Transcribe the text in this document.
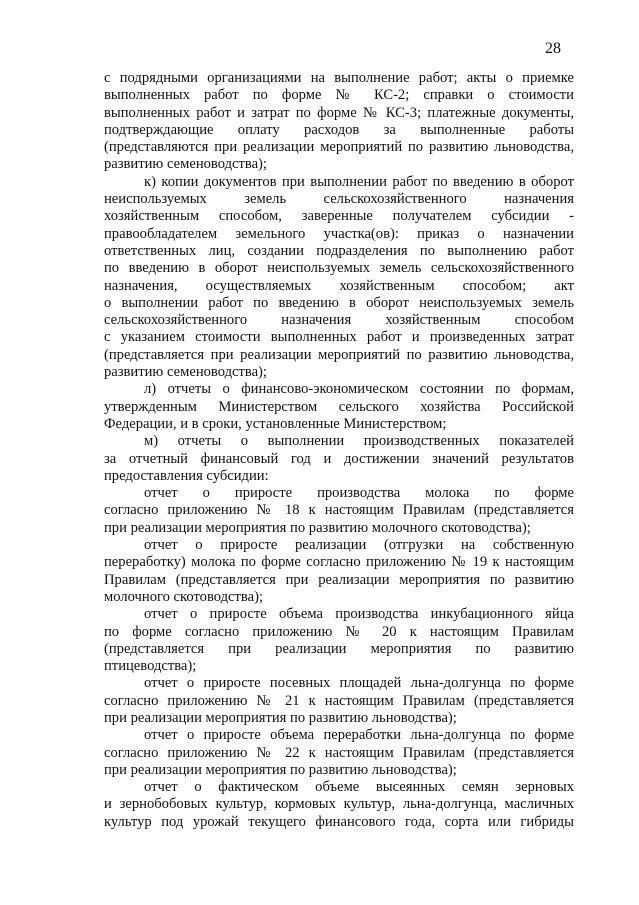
28
с подрядными организациями на выполнение работ; акты о приемке
выполненных работ по форме № КС-2; справки о стоимости
выполненных работ и затрат по форме № КС-3; платежные документы,
подтверждающие оплату расходов за выполненные работы
(представляются при реализации мероприятий по развитию льноводства,
развитию семеноводства);
к) копии документов при выполнении работ по введению в оборот
неиспользуемых земель сельскохозяйственного назначения
хозяйственным способом, заверенные получателем субсидии -
правообладателем земельного участка(ов): приказ о назначении
ответственных лиц, создании подразделения по выполнению работ
по введению в оборот неиспользуемых земель сельскохозяйственного
назначения, осуществляемых хозяйственным способом; акт
о выполнении работ по введению в оборот неиспользуемых земель
сельскохозяйственного назначения хозяйственным способом
с указанием стоимости выполненных работ и произведенных затрат
(представляется при реализации мероприятий по развитию льноводства,
развитию семеноводства);
л) отчеты о финансово-экономическом состоянии по формам,
утвержденным Министерством сельского хозяйства Российской
Федерации, и в сроки, установленные Министерством;
м) отчеты о выполнении производственных показателей
за отчетный финансовый год и достижении значений результатов
предоставления субсидии:
отчет о приросте производства молока по форме
согласно приложению № 18 к настоящим Правилам (представляется
при реализации мероприятия по развитию молочного скотоводства);
отчет о приросте реализации (отгрузки на собственную
переработку) молока по форме согласно приложению № 19 к настоящим
Правилам (представляется при реализации мероприятия по развитию
молочного скотоводства);
отчет о приросте объема производства инкубационного яйца
по форме согласно приложению № 20 к настоящим Правилам
(представляется при реализации мероприятия по развитию
птицеводства);
отчет о приросте посевных площадей льна-долгунца по форме
согласно приложению № 21 к настоящим Правилам (представляется
при реализации мероприятия по развитию льноводства);
отчет о приросте объема переработки льна-долгунца по форме
согласно приложению № 22 к настоящим Правилам (представляется
при реализации мероприятия по развитию льноводства);
отчет о фактическом объеме высеянных семян зерновых
и зернобобовых культур, кормовых культур, льна-долгунца, масличных
культур под урожай текущего финансового года, сорта или гибриды
